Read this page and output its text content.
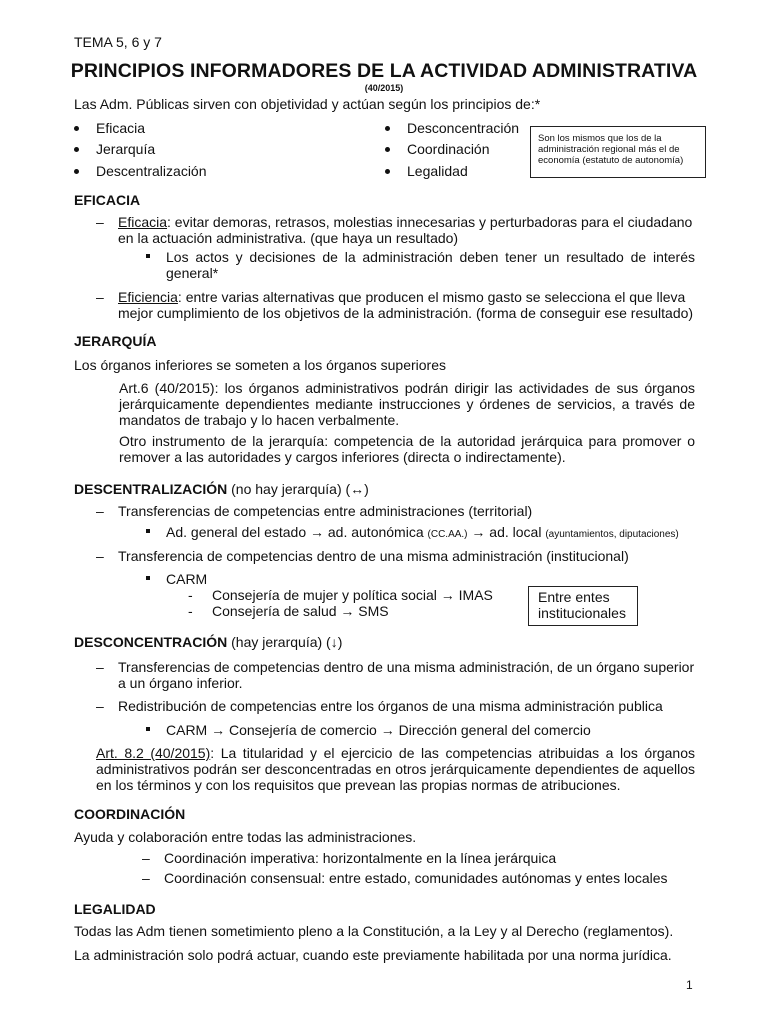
TEMA 5, 6 y 7
PRINCIPIOS INFORMADORES DE LA ACTIVIDAD ADMINISTRATIVA
(40/2015)
Las Adm. Públicas sirven con objetividad y actúan según los principios de:*
Eficacia
Jerarquía
Descentralización
Desconcentración
Coordinación
Legalidad
Son los mismos que los de la administración regional más el de economía (estatuto de autonomía)
EFICACIA
– Eficacia: evitar demoras, retrasos, molestias innecesarias y perturbadoras para el ciudadano en la actuación administrativa. (que haya un resultado)
Los actos y decisiones de la administración deben tener un resultado de interés general*
– Eficiencia: entre varias alternativas que producen el mismo gasto se selecciona el que lleva mejor cumplimiento de los objetivos de la administración. (forma de conseguir ese resultado)
JERARQUÍA
Los órganos inferiores se someten a los órganos superiores
Art.6 (40/2015): los órganos administrativos podrán dirigir las actividades de sus órganos jerárquicamente dependientes mediante instrucciones y órdenes de servicios, a través de mandatos de trabajo y lo hacen verbalmente.
Otro instrumento de la jerarquía: competencia de la autoridad jerárquica para promover o remover a las autoridades y cargos inferiores (directa o indirectamente).
DESCENTRALIZACIÓN (no hay jerarquía) (↔)
– Transferencias de competencias entre administraciones (territorial)
Ad. general del estado → ad. autonómica (CC.AA.) → ad. local (ayuntamientos, diputaciones)
– Transferencia de competencias dentro de una misma administración (institucional)
CARM
- Consejería de mujer y política social → IMAS
- Consejería de salud → SMS
Entre entes institucionales
DESCONCENTRACIÓN (hay jerarquía) (↓)
– Transferencias de competencias dentro de una misma administración, de un órgano superior a un órgano inferior.
– Redistribución de competencias entre los órganos de una misma administración publica
CARM → Consejería de comercio → Dirección general del comercio
Art. 8.2 (40/2015): La titularidad y el ejercicio de las competencias atribuidas a los órganos administrativos podrán ser desconcentradas en otros jerárquicamente dependientes de aquellos en los términos y con los requisitos que prevean las propias normas de atribuciones.
COORDINACIÓN
Ayuda y colaboración entre todas las administraciones.
– Coordinación imperativa: horizontalmente en la línea jerárquica
– Coordinación consensual: entre estado, comunidades autónomas y entes locales
LEGALIDAD
Todas las Adm tienen sometimiento pleno a la Constitución, a la Ley y al Derecho (reglamentos).
La administración solo podrá actuar, cuando este previamente habilitada por una norma jurídica.
1
